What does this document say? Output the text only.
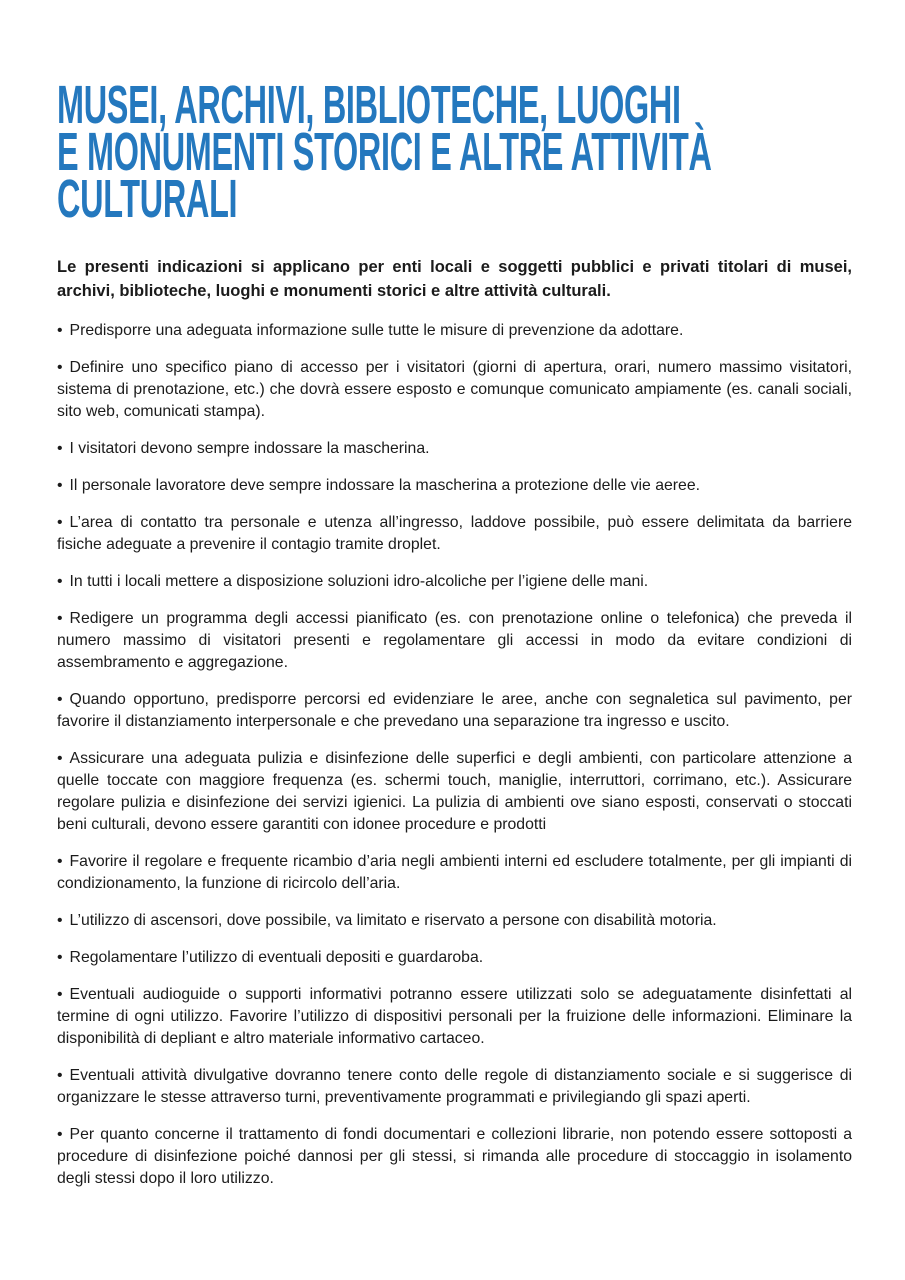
MUSEI, ARCHIVI, BIBLIOTECHE, LUOGHI
E MONUMENTI STORICI E ALTRE ATTIVITÀ
CULTURALI

Le presenti indicazioni si applicano per enti locali e soggetti pubblici e privati titolari di musei, archivi, biblioteche, luoghi e monumenti storici e altre attività culturali.

• Predisporre una adeguata informazione sulle tutte le misure di prevenzione da adottare.

• Definire uno specifico piano di accesso per i visitatori (giorni di apertura, orari, numero massimo visitatori, sistema di prenotazione, etc.) che dovrà essere esposto e comunque comunicato ampiamente (es. canali sociali, sito web, comunicati stampa).

• I visitatori devono sempre indossare la mascherina.

• Il personale lavoratore deve sempre indossare la mascherina a protezione delle vie aeree.

• L’area di contatto tra personale e utenza all’ingresso, laddove possibile, può essere delimitata da barriere fisiche adeguate a prevenire il contagio tramite droplet.

• In tutti i locali mettere a disposizione soluzioni idro-alcoliche per l’igiene delle mani.

• Redigere un programma degli accessi pianificato (es. con prenotazione online o telefonica) che preveda il numero massimo di visitatori presenti e regolamentare gli accessi in modo da evitare condizioni di assembramento e aggregazione.

• Quando opportuno, predisporre percorsi ed evidenziare le aree, anche con segnaletica sul pavimento, per favorire il distanziamento interpersonale e che prevedano una separazione tra ingresso e uscito.

• Assicurare una adeguata pulizia e disinfezione delle superfici e degli ambienti, con particolare attenzione a quelle toccate con maggiore frequenza (es. schermi touch, maniglie, interruttori, corrimano, etc.). Assicurare regolare pulizia e disinfezione dei servizi igienici. La pulizia di ambienti ove siano esposti, conservati o stoccati beni culturali, devono essere garantiti con idonee procedure e prodotti

• Favorire il regolare e frequente ricambio d’aria negli ambienti interni ed escludere totalmente, per gli impianti di condizionamento, la funzione di ricircolo dell’aria.

• L’utilizzo di ascensori, dove possibile, va limitato e riservato a persone con disabilità motoria.

• Regolamentare l’utilizzo di eventuali depositi e guardaroba.

• Eventuali audioguide o supporti informativi potranno essere utilizzati solo se adeguatamente disinfettati al termine di ogni utilizzo. Favorire l’utilizzo di dispositivi personali per la fruizione delle informazioni. Eliminare la disponibilità di depliant e altro materiale informativo cartaceo.

• Eventuali attività divulgative dovranno tenere conto delle regole di distanziamento sociale e si suggerisce di organizzare le stesse attraverso turni, preventivamente programmati e privilegiando gli spazi aperti.

• Per quanto concerne il trattamento di fondi documentari e collezioni librarie, non potendo essere sottoposti a procedure di disinfezione poiché dannosi per gli stessi, si rimanda alle procedure di stoccaggio in isolamento degli stessi dopo il loro utilizzo.
